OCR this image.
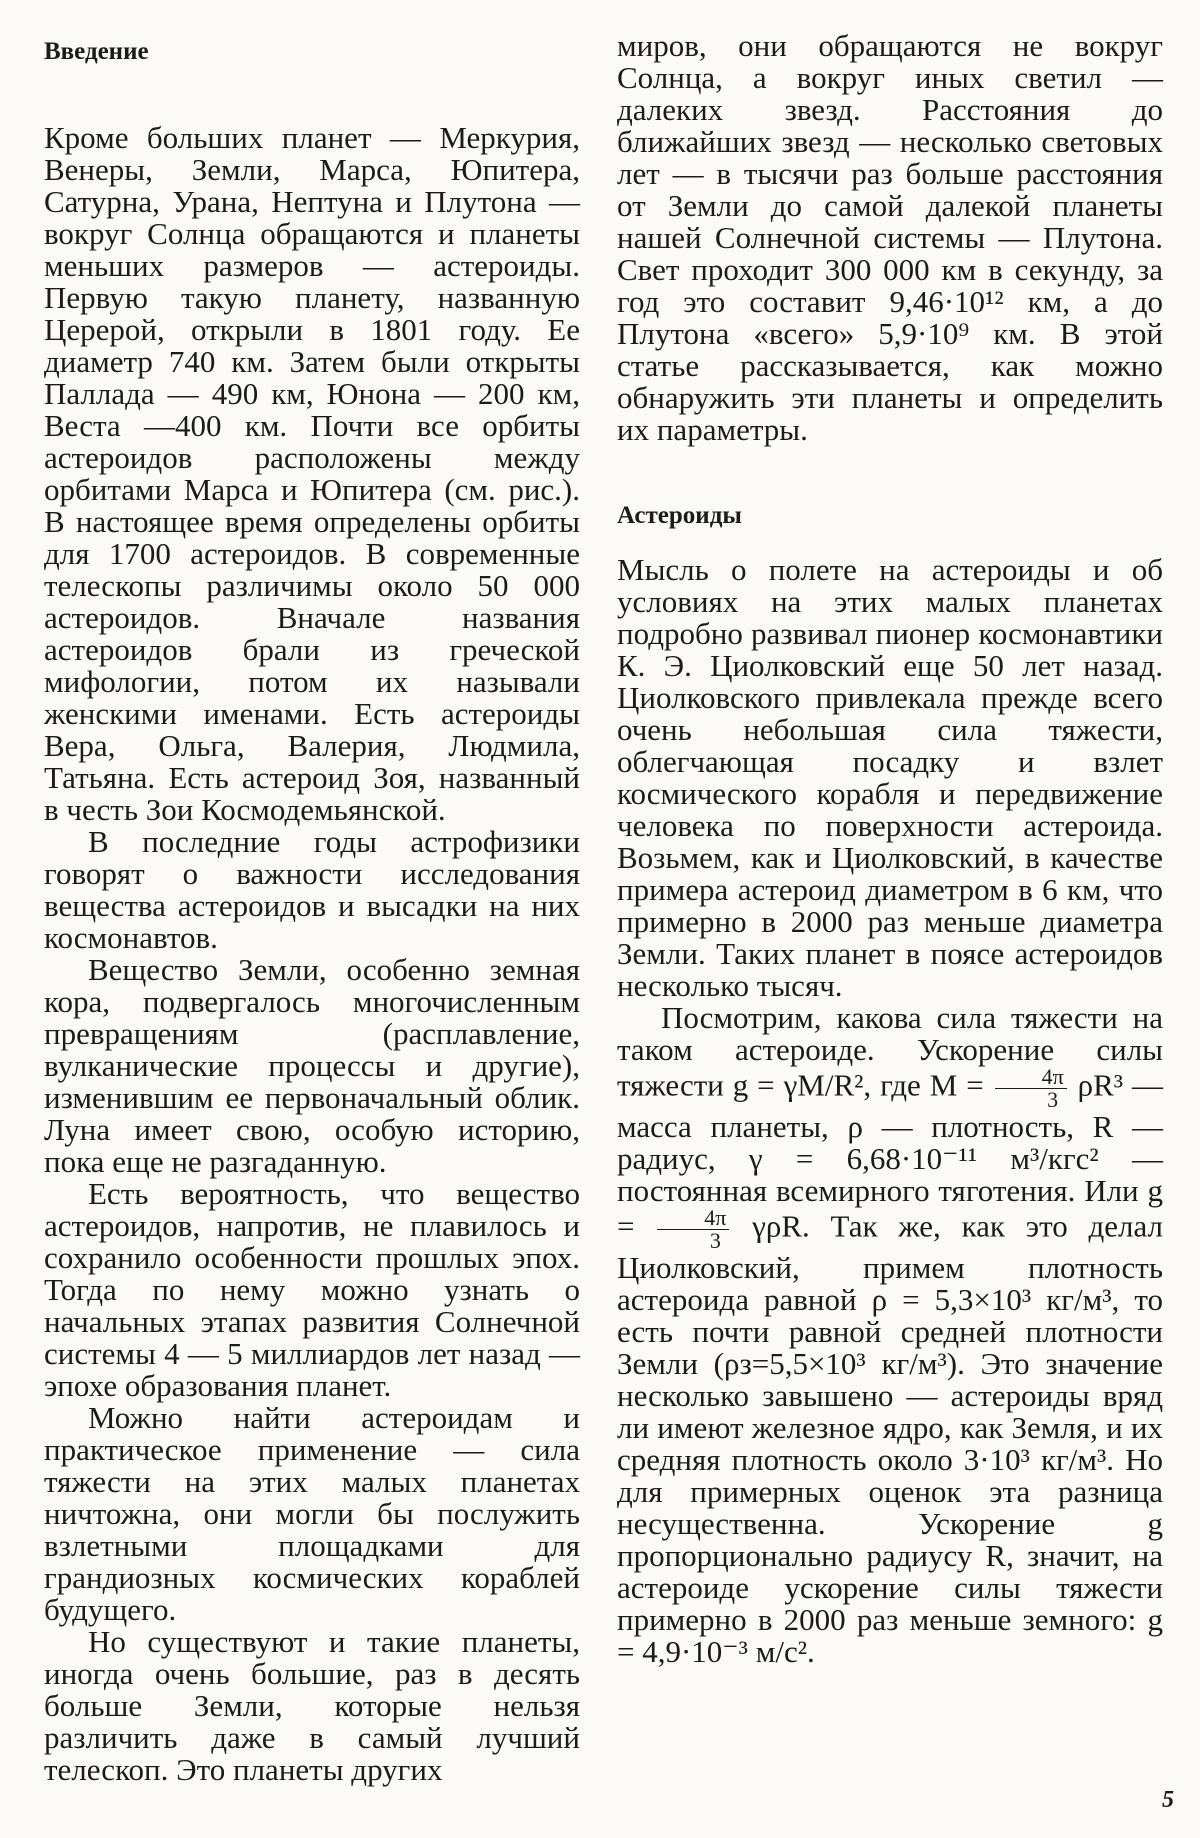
Введение

Кроме больших планет — Меркурия, Венеры, Земли, Марса, Юпитера, Сатурна, Урана, Нептуна и Плутона — вокруг Солнца обращаются и планеты меньших размеров — астероиды. Первую такую планету, названную Церерой, открыли в 1801 году. Ее диаметр 740 км. Затем были открыты Паллада — 490 км, Юнона — 200 км, Веста —400 км. Почти все орбиты астероидов расположены между орбитами Марса и Юпитера (см. рис.). В настоящее время определены орбиты для 1700 астероидов. В современные телескопы различимы около 50 000 астероидов. Вначале названия астероидов брали из греческой мифологии, потом их называли женскими именами. Есть астероиды Вера, Ольга, Валерия, Людмила, Татьяна. Есть астероид Зоя, названный в честь Зои Космодемьянской.

В последние годы астрофизики говорят о важности исследования вещества астероидов и высадки на них космонавтов.

Вещество Земли, особенно земная кора, подвергалось многочисленным превращениям (расплавление, вулканические процессы и другие), изменившим ее первоначальный облик. Луна имеет свою, особую историю, пока еще не разгаданную.

Есть вероятность, что вещество астероидов, напротив, не плавилось и сохранило особенности прошлых эпох. Тогда по нему можно узнать о начальных этапах развития Солнечной системы 4 — 5 миллиардов лет назад — эпохе образования планет.

Можно найти астероидам и практическое применение — сила тяжести на этих малых планетах ничтожна, они могли бы послужить взлетными площадками для грандиозных космических кораблей будущего.

Но существуют и такие планеты, иногда очень большие, раз в десять больше Земли, которые нельзя различить даже в самый лучший телескоп. Это планеты других

миров, они обращаются не вокруг Солнца, а вокруг иных светил — далеких звезд. Расстояния до ближайших звезд — несколько световых лет — в тысячи раз больше расстояния от Земли до самой далекой планеты нашей Солнечной системы — Плутона. Свет проходит 300 000 км в секунду, за год это составит 9,46·10¹² км, а до Плутона «всего» 5,9·10⁹ км. В этой статье рассказывается, как можно обнаружить эти планеты и определить их параметры.

Астероиды

Мысль о полете на астероиды и об условиях на этих малых планетах подробно развивал пионер космонавтики К. Э. Циолковский еще 50 лет назад. Циолковского привлекала прежде всего очень небольшая сила тяжести, облегчающая посадку и взлет космического корабля и передвижение человека по поверхности астероида. Возьмем, как и Циолковский, в качестве примера астероид диаметром в 6 км, что примерно в 2000 раз меньше диаметра Земли. Таких планет в поясе астероидов несколько тысяч.

Посмотрим, какова сила тяжести на таком астероиде. Ускорение силы тяжести g = γM/R², где $M = \frac{4\pi}{3} \rho R^3$ — масса планеты, ρ — плотность, R — радиус, γ = 6,68·10⁻¹¹ м³/кгс² — постоянная всемирного тяготения. Или $g = \frac{4\pi}{3} \gamma\rho R$. Так же, как это делал Циолковский, примем плотность астероида равной ρ = 5,3×10³ кг/м³, то есть почти равной средней плотности Земли (ρз=5,5×10³ кг/м³). Это значение несколько завышено — астероиды вряд ли имеют железное ядро, как Земля, и их средняя плотность около 3·10³ кг/м³. Но для примерных оценок эта разница несущественна. Ускорение g пропорционально радиусу R, значит, на астероиде ускорение силы тяжести примерно в 2000 раз меньше земного: g = 4,9·10⁻³ м/с².

5
